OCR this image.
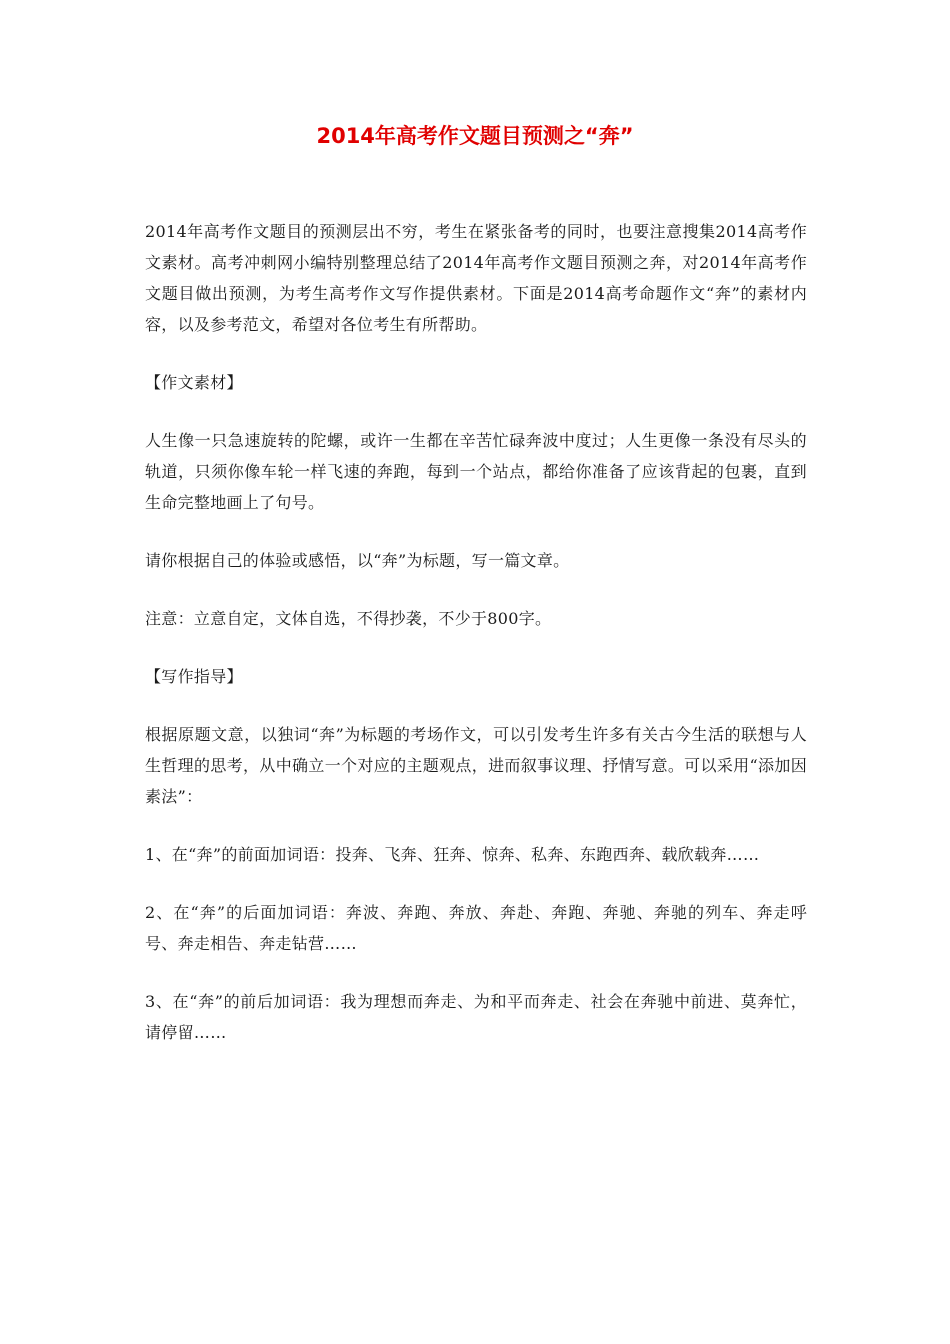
2014年高考作文题目预测之“奔”

2014年高考作文题目的预测层出不穷，考生在紧张备考的同时，也要注意搜集2014高考作文素材。高考冲刺网小编特别整理总结了2014年高考作文题目预测之奔，对2014年高考作文题目做出预测，为考生高考作文写作提供素材。下面是2014高考命题作文“奔”的素材内容，以及参考范文，希望对各位考生有所帮助。

【作文素材】

人生像一只急速旋转的陀螺，或许一生都在辛苦忙碌奔波中度过；人生更像一条没有尽头的轨道，只须你像车轮一样飞速的奔跑，每到一个站点，都给你准备了应该背起的包裹，直到生命完整地画上了句号。

请你根据自己的体验或感悟，以“奔”为标题，写一篇文章。

注意：立意自定，文体自选，不得抄袭，不少于800字。

【写作指导】

根据原题文意，以独词“奔”为标题的考场作文，可以引发考生许多有关古今生活的联想与人生哲理的思考，从中确立一个对应的主题观点，进而叙事议理、抒情写意。可以采用“添加因素法”：

1、在“奔”的前面加词语：投奔、飞奔、狂奔、惊奔、私奔、东跑西奔、载欣载奔……

2、在“奔”的后面加词语：奔波、奔跑、奔放、奔赴、奔跑、奔驰、奔驰的列车、奔走呼号、奔走相告、奔走钻营……

3、在“奔”的前后加词语：我为理想而奔走、为和平而奔走、社会在奔驰中前进、莫奔忙，请停留……
